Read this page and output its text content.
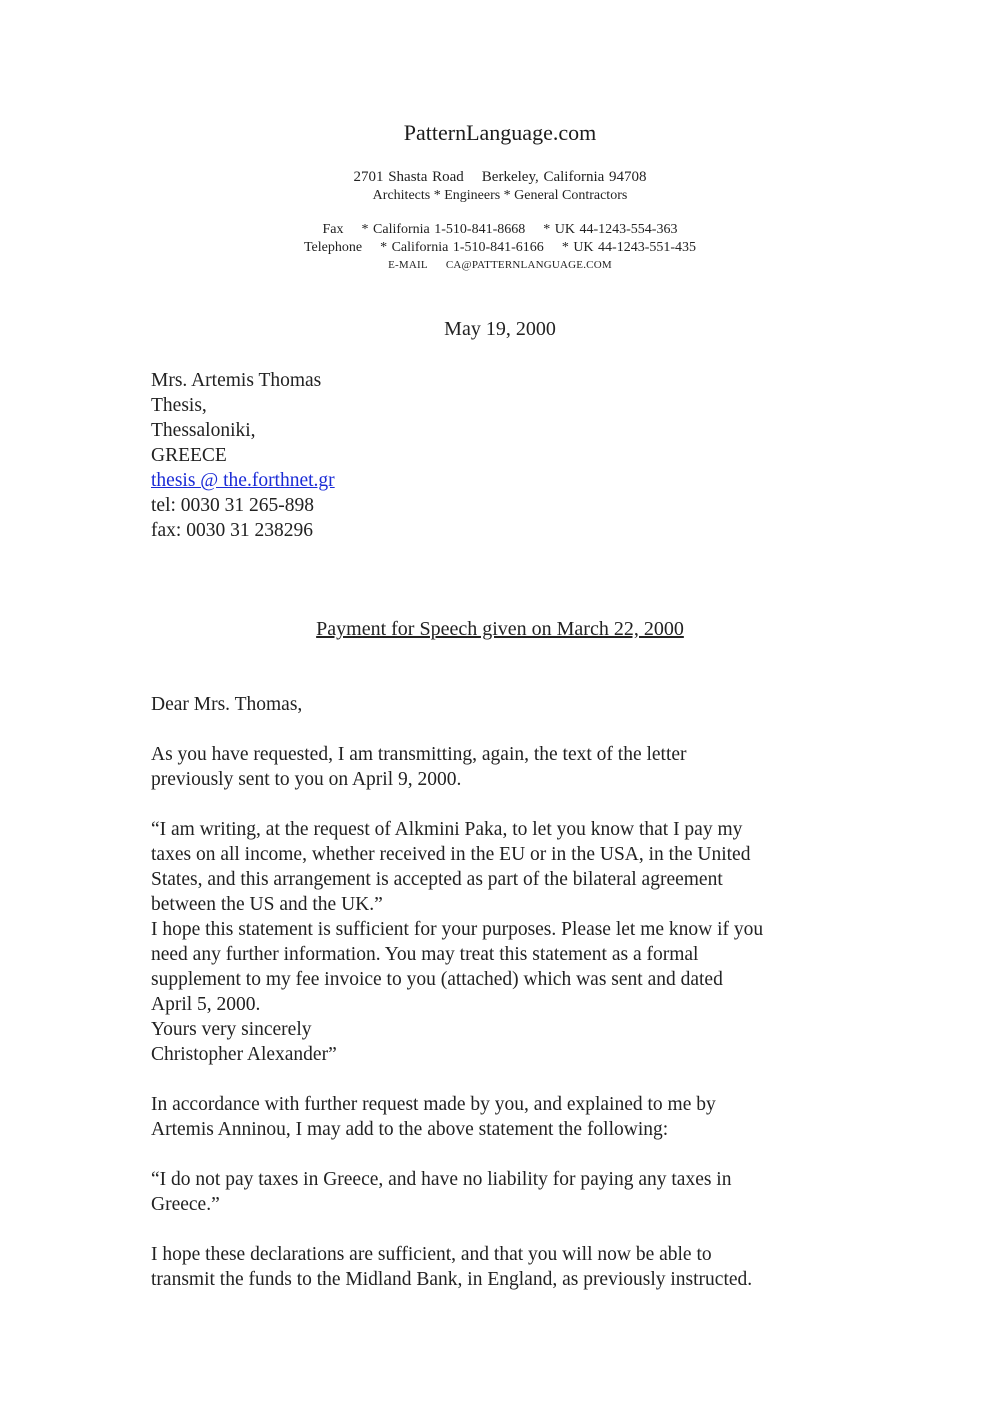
PatternLanguage.com
2701 Shasta Road Berkeley, California 94708
Architects * Engineers * General Contractors
Fax * California 1-510-841-8668 * UK 44-1243-554-363
Telephone * California 1-510-841-6166 * UK 44-1243-551-435
E-MAIL CA@PATTERNLANGUAGE.COM
May 19, 2000
Mrs. Artemis Thomas
Thesis,
Thessaloniki,
GREECE
thesis @ the.forthnet.gr
tel: 0030 31 265-898
fax: 0030 31 238296
Payment for Speech given on March 22, 2000

Dear Mrs. Thomas,

As you have requested, I am transmitting, again, the text of the letter
previously sent to you on April 9, 2000.

“I am writing, at the request of Alkmini Paka, to let you know that I pay my
taxes on all income, whether received in the EU or in the USA, in the United
States, and this arrangement is accepted as part of the bilateral agreement
between the US and the UK.”
I hope this statement is sufficient for your purposes. Please let me know if you
need any further information. You may treat this statement as a formal
supplement to my fee invoice to you (attached) which was sent and dated
April 5, 2000.
Yours very sincerely
Christopher Alexander”

In accordance with further request made by you, and explained to me by
Artemis Anninou, I may add to the above statement the following:

“I do not pay taxes in Greece, and have no liability for paying any taxes in
Greece.”

I hope these declarations are sufficient, and that you will now be able to
transmit the funds to the Midland Bank, in England, as previously instructed.
